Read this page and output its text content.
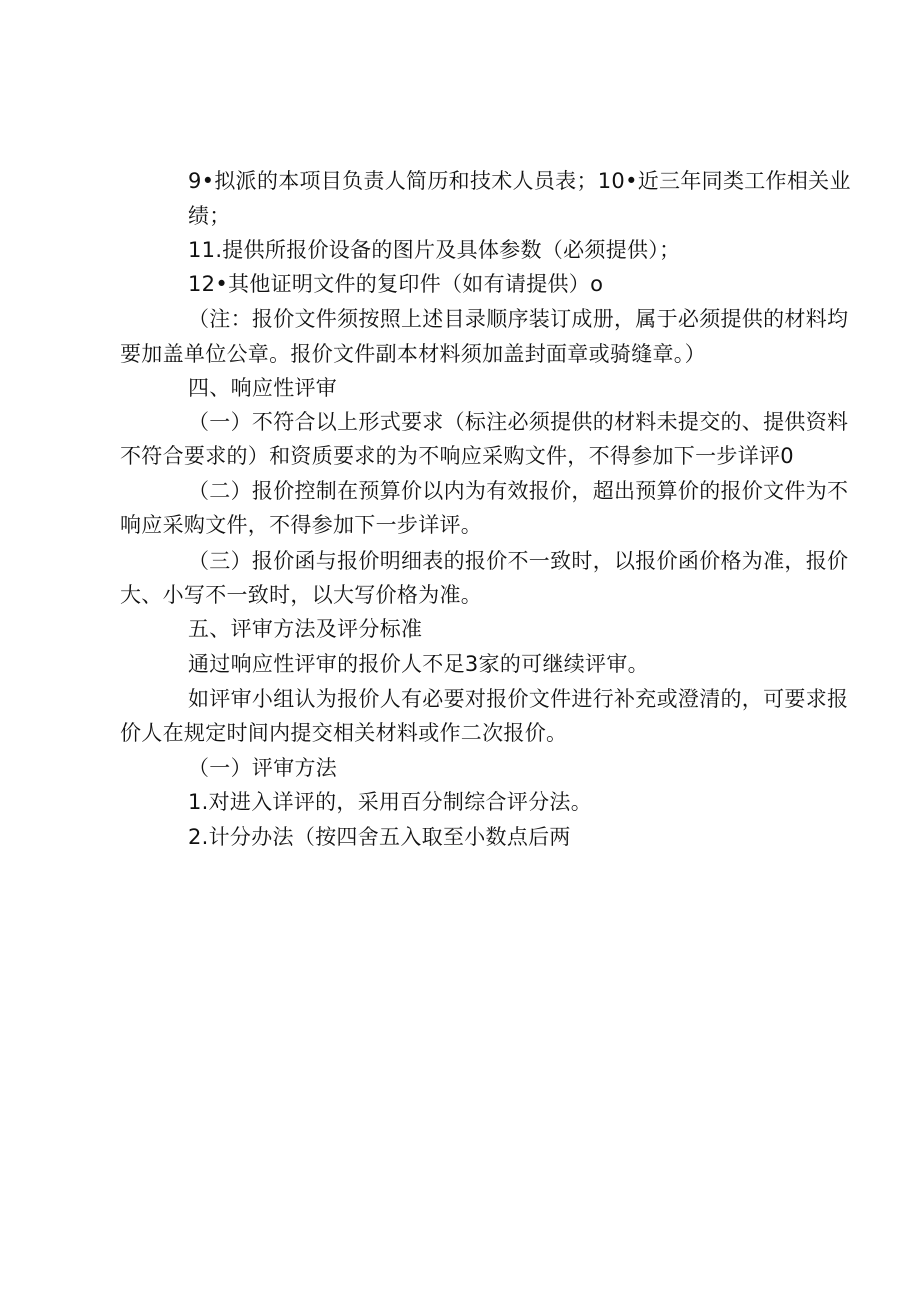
9•拟派的本项目负责人简历和技术人员表；10•近三年同类工作相关业
绩；
11.提供所报价设备的图片及具体参数（必须提供）；
12•其他证明文件的复印件（如有请提供）o
（注：报价文件须按照上述目录顺序装订成册，属于必须提供的材料均
要加盖单位公章。报价文件副本材料须加盖封面章或骑缝章。）
四、响应性评审
（一）不符合以上形式要求（标注必须提供的材料未提交的、提供资料
不符合要求的）和资质要求的为不响应采购文件，不得参加下一步详评0
（二）报价控制在预算价以内为有效报价，超出预算价的报价文件为不
响应采购文件，不得参加下一步详评。
（三）报价函与报价明细表的报价不一致时，以报价函价格为准，报价
大、小写不一致时，以大写价格为准。
五、评审方法及评分标准
通过响应性评审的报价人不足3家的可继续评审。
如评审小组认为报价人有必要对报价文件进行补充或澄清的，可要求报
价人在规定时间内提交相关材料或作二次报价。
（一）评审方法
1.对进入详评的，采用百分制综合评分法。
2.计分办法（按四舍五入取至小数点后两
